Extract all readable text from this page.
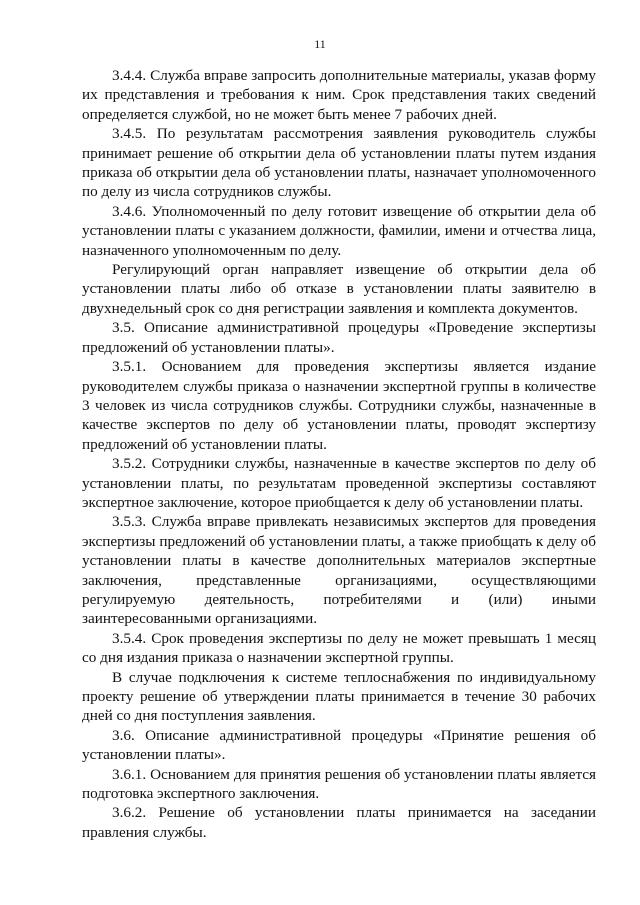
11

3.4.4. Служба вправе запросить дополнительные материалы, указав форму их представления и требования к ним. Срок представления таких сведений определяется службой, но не может быть менее 7 рабочих дней.

3.4.5. По результатам рассмотрения заявления руководитель службы принимает решение об открытии дела об установлении платы путем издания приказа об открытии дела об установлении платы, назначает уполномоченного по делу из числа сотрудников службы.

3.4.6. Уполномоченный по делу готовит извещение об открытии дела об установлении платы с указанием должности, фамилии, имени и отчества лица, назначенного уполномоченным по делу.

Регулирующий орган направляет извещение об открытии дела об установлении платы либо об отказе в установлении платы заявителю в двухнедельный срок со дня регистрации заявления и комплекта документов.

3.5. Описание административной процедуры «Проведение экспертизы предложений об установлении платы».

3.5.1. Основанием для проведения экспертизы является издание руководителем службы приказа о назначении экспертной группы в количестве 3 человек из числа сотрудников службы. Сотрудники службы, назначенные в качестве экспертов по делу об установлении платы, проводят экспертизу предложений об установлении платы.

3.5.2. Сотрудники службы, назначенные в качестве экспертов по делу об установлении платы, по результатам проведенной экспертизы составляют экспертное заключение, которое приобщается к делу об установлении платы.

3.5.3. Служба вправе привлекать независимых экспертов для проведения экспертизы предложений об установлении платы, а также приобщать к делу об установлении платы в качестве дополнительных материалов экспертные заключения, представленные организациями, осуществляющими регулируемую деятельность, потребителями и (или) иными заинтересованными организациями.

3.5.4. Срок проведения экспертизы по делу не может превышать 1 месяц со дня издания приказа о назначении экспертной группы.

В случае подключения к системе теплоснабжения по индивидуальному проекту решение об утверждении платы принимается в течение 30 рабочих дней со дня поступления заявления.

3.6. Описание административной процедуры «Принятие решения об установлении платы».

3.6.1. Основанием для принятия решения об установлении платы является подготовка экспертного заключения.

3.6.2. Решение об установлении платы принимается на заседании правления службы.
